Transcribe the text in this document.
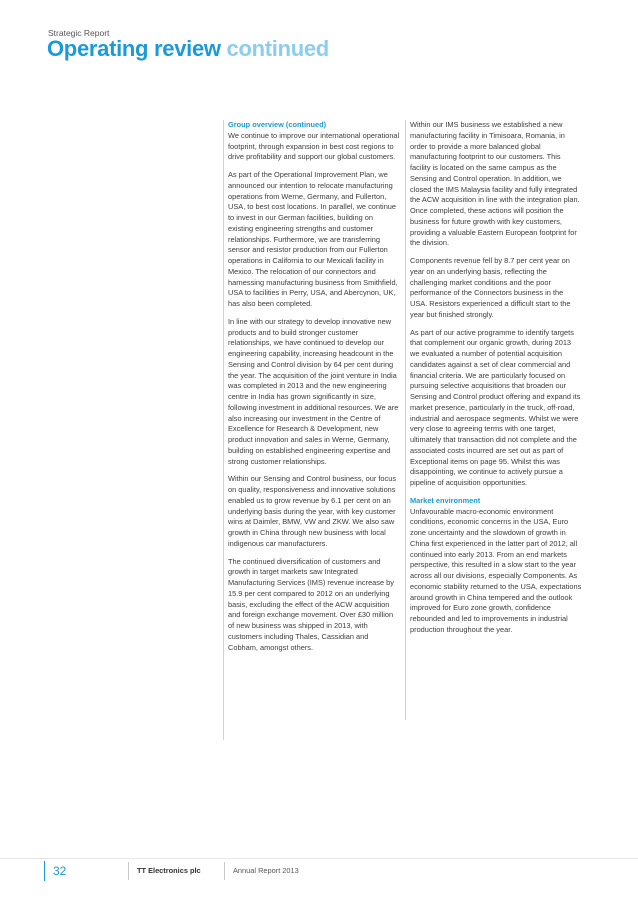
Strategic Report
Operating review continued
Group overview (continued)

We continue to improve our international operational footprint, through expansion in best cost regions to drive profitability and support our global customers.

As part of the Operational Improvement Plan, we announced our intention to relocate manufacturing operations from Werne, Germany, and Fullerton, USA, to best cost locations. In parallel, we continue to invest in our German facilities, building on existing engineering strengths and customer relationships. Furthermore, we are transferring sensor and resistor production from our Fullerton operations in California to our Mexicali facility in Mexico. The relocation of our connectors and harnessing manufacturing business from Smithfield, USA to facilities in Perry, USA, and Abercynon, UK, has also been completed.

In line with our strategy to develop innovative new products and to build stronger customer relationships, we have continued to develop our engineering capability, increasing headcount in the Sensing and Control division by 64 per cent during the year. The acquisition of the joint venture in India was completed in 2013 and the new engineering centre in India has grown significantly in size, following investment in additional resources. We are also increasing our investment in the Centre of Excellence for Research & Development, new product innovation and sales in Werne, Germany, building on established engineering expertise and strong customer relationships.

Within our Sensing and Control business, our focus on quality, responsiveness and innovative solutions enabled us to grow revenue by 6.1 per cent on an underlying basis during the year, with key customer wins at Daimler, BMW, VW and ZKW. We also saw growth in China through new business with local indigenous car manufacturers.

The continued diversification of customers and growth in target markets saw Integrated Manufacturing Services (IMS) revenue increase by 15.9 per cent compared to 2012 on an underlying basis, excluding the effect of the ACW acquisition and foreign exchange movement. Over £30 million of new business was shipped in 2013, with customers including Thales, Cassidian and Cobham, amongst others.

Within our IMS business we established a new manufacturing facility in Timisoara, Romania, in order to provide a more balanced global manufacturing footprint to our customers. This facility is located on the same campus as the Sensing and Control operation. In addition, we closed the IMS Malaysia facility and fully integrated the ACW acquisition in line with the integration plan. Once completed, these actions will position the business for future growth with key customers, providing a valuable Eastern European footprint for the division.

Components revenue fell by 8.7 per cent year on year on an underlying basis, reflecting the challenging market conditions and the poor performance of the Connectors business in the USA. Resistors experienced a difficult start to the year but finished strongly.

As part of our active programme to identify targets that complement our organic growth, during 2013 we evaluated a number of potential acquisition candidates against a set of clear commercial and financial criteria. We are particularly focused on pursuing selective acquisitions that broaden our Sensing and Control product offering and expand its market presence, particularly in the truck, off-road, industrial and aerospace segments. Whilst we were very close to agreeing terms with one target, ultimately that transaction did not complete and the associated costs incurred are set out as part of Exceptional items on page 95. Whilst this was disappointing, we continue to actively pursue a pipeline of acquisition opportunities.

Market environment

Unfavourable macro-economic environment conditions, economic concerns in the USA, Euro zone uncertainty and the slowdown of growth in China first experienced in the latter part of 2012, all continued into early 2013. From an end markets perspective, this resulted in a slow start to the year across all our divisions, especially Components. As economic stability returned to the USA, expectations around growth in China tempered and the outlook improved for Euro zone growth, confidence rebounded and led to improvements in industrial production throughout the year.

32	TT Electronics plc	Annual Report 2013
